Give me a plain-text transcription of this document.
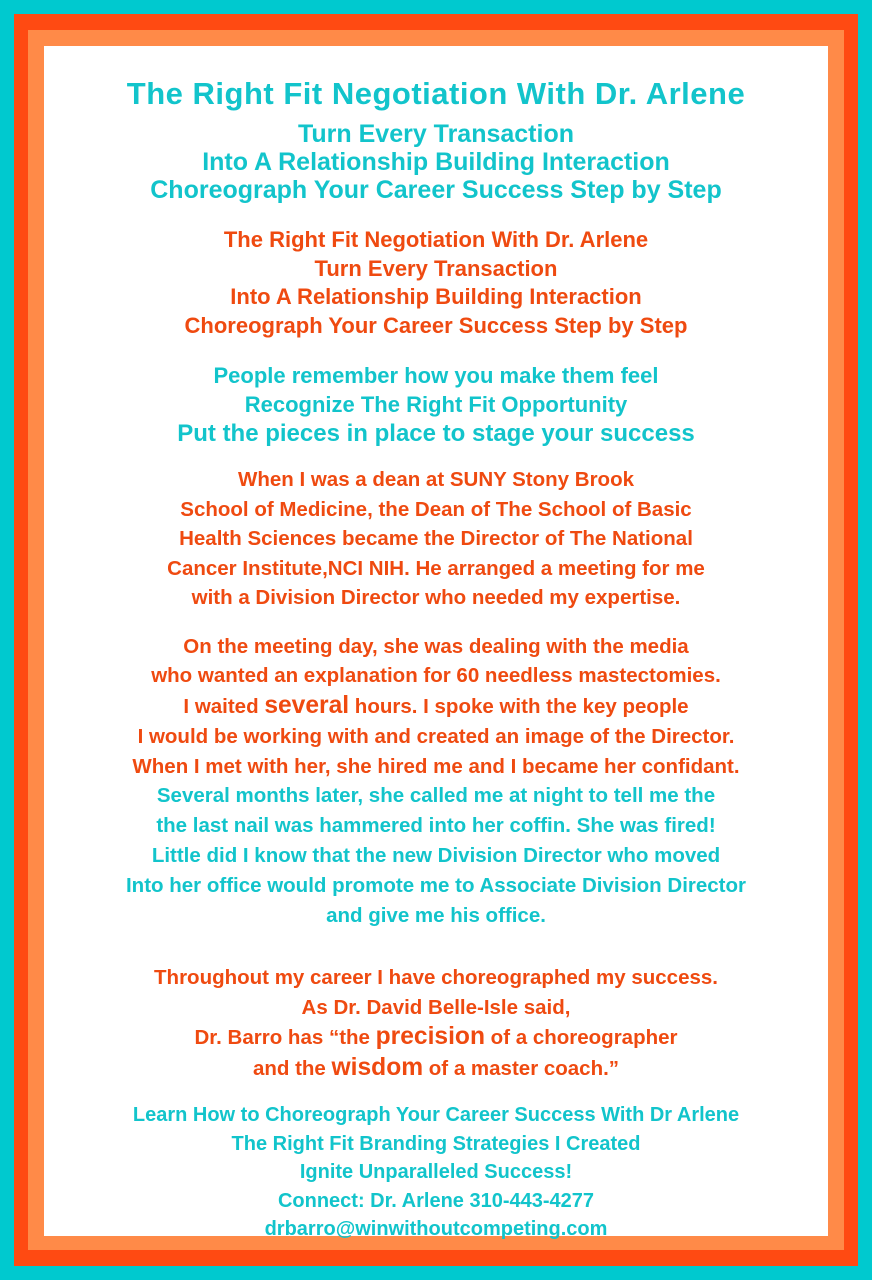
The Right Fit Negotiation With Dr. Arlene
Turn Every Transaction
Into A Relationship Building Interaction
Choreograph Your Career Success Step by Step
The Right Fit Negotiation With Dr. Arlene
Turn Every Transaction
Into A Relationship Building Interaction
Choreograph Your Career Success Step by Step
People remember how you make them feel
Recognize The Right Fit Opportunity
Put the pieces in place to stage your success
When I was a dean at SUNY Stony Brook
School of Medicine, the Dean of The School of Basic
Health Sciences became the Director of The National
Cancer Institute,NCI NIH. He arranged a meeting for me
with a Division Director who needed my expertise.
On the meeting day, she was dealing with the media
who wanted an explanation for 60 needless mastectomies.
I waited several hours. I spoke with the key people
I would be working with and created an image of the Director.
When I met with her, she hired me and I became her confidant.
Several months later, she called me at night to tell me the
the last nail was hammered into her coffin. She was fired!
Little did I know that the new Division Director who moved
Into her office would promote me to Associate Division Director
and give me his office.
Throughout my career I have choreographed my success.
As Dr. David Belle-Isle said,
Dr. Barro has “the precision of a choreographer
and the wisdom of a master coach.”
Learn How to Choreograph Your Career Success With Dr Arlene
The Right Fit Branding Strategies I Created
Ignite Unparalleled Success!
Connect: Dr. Arlene 310-443-4277
drbarro@winwithoutcompeting.com
